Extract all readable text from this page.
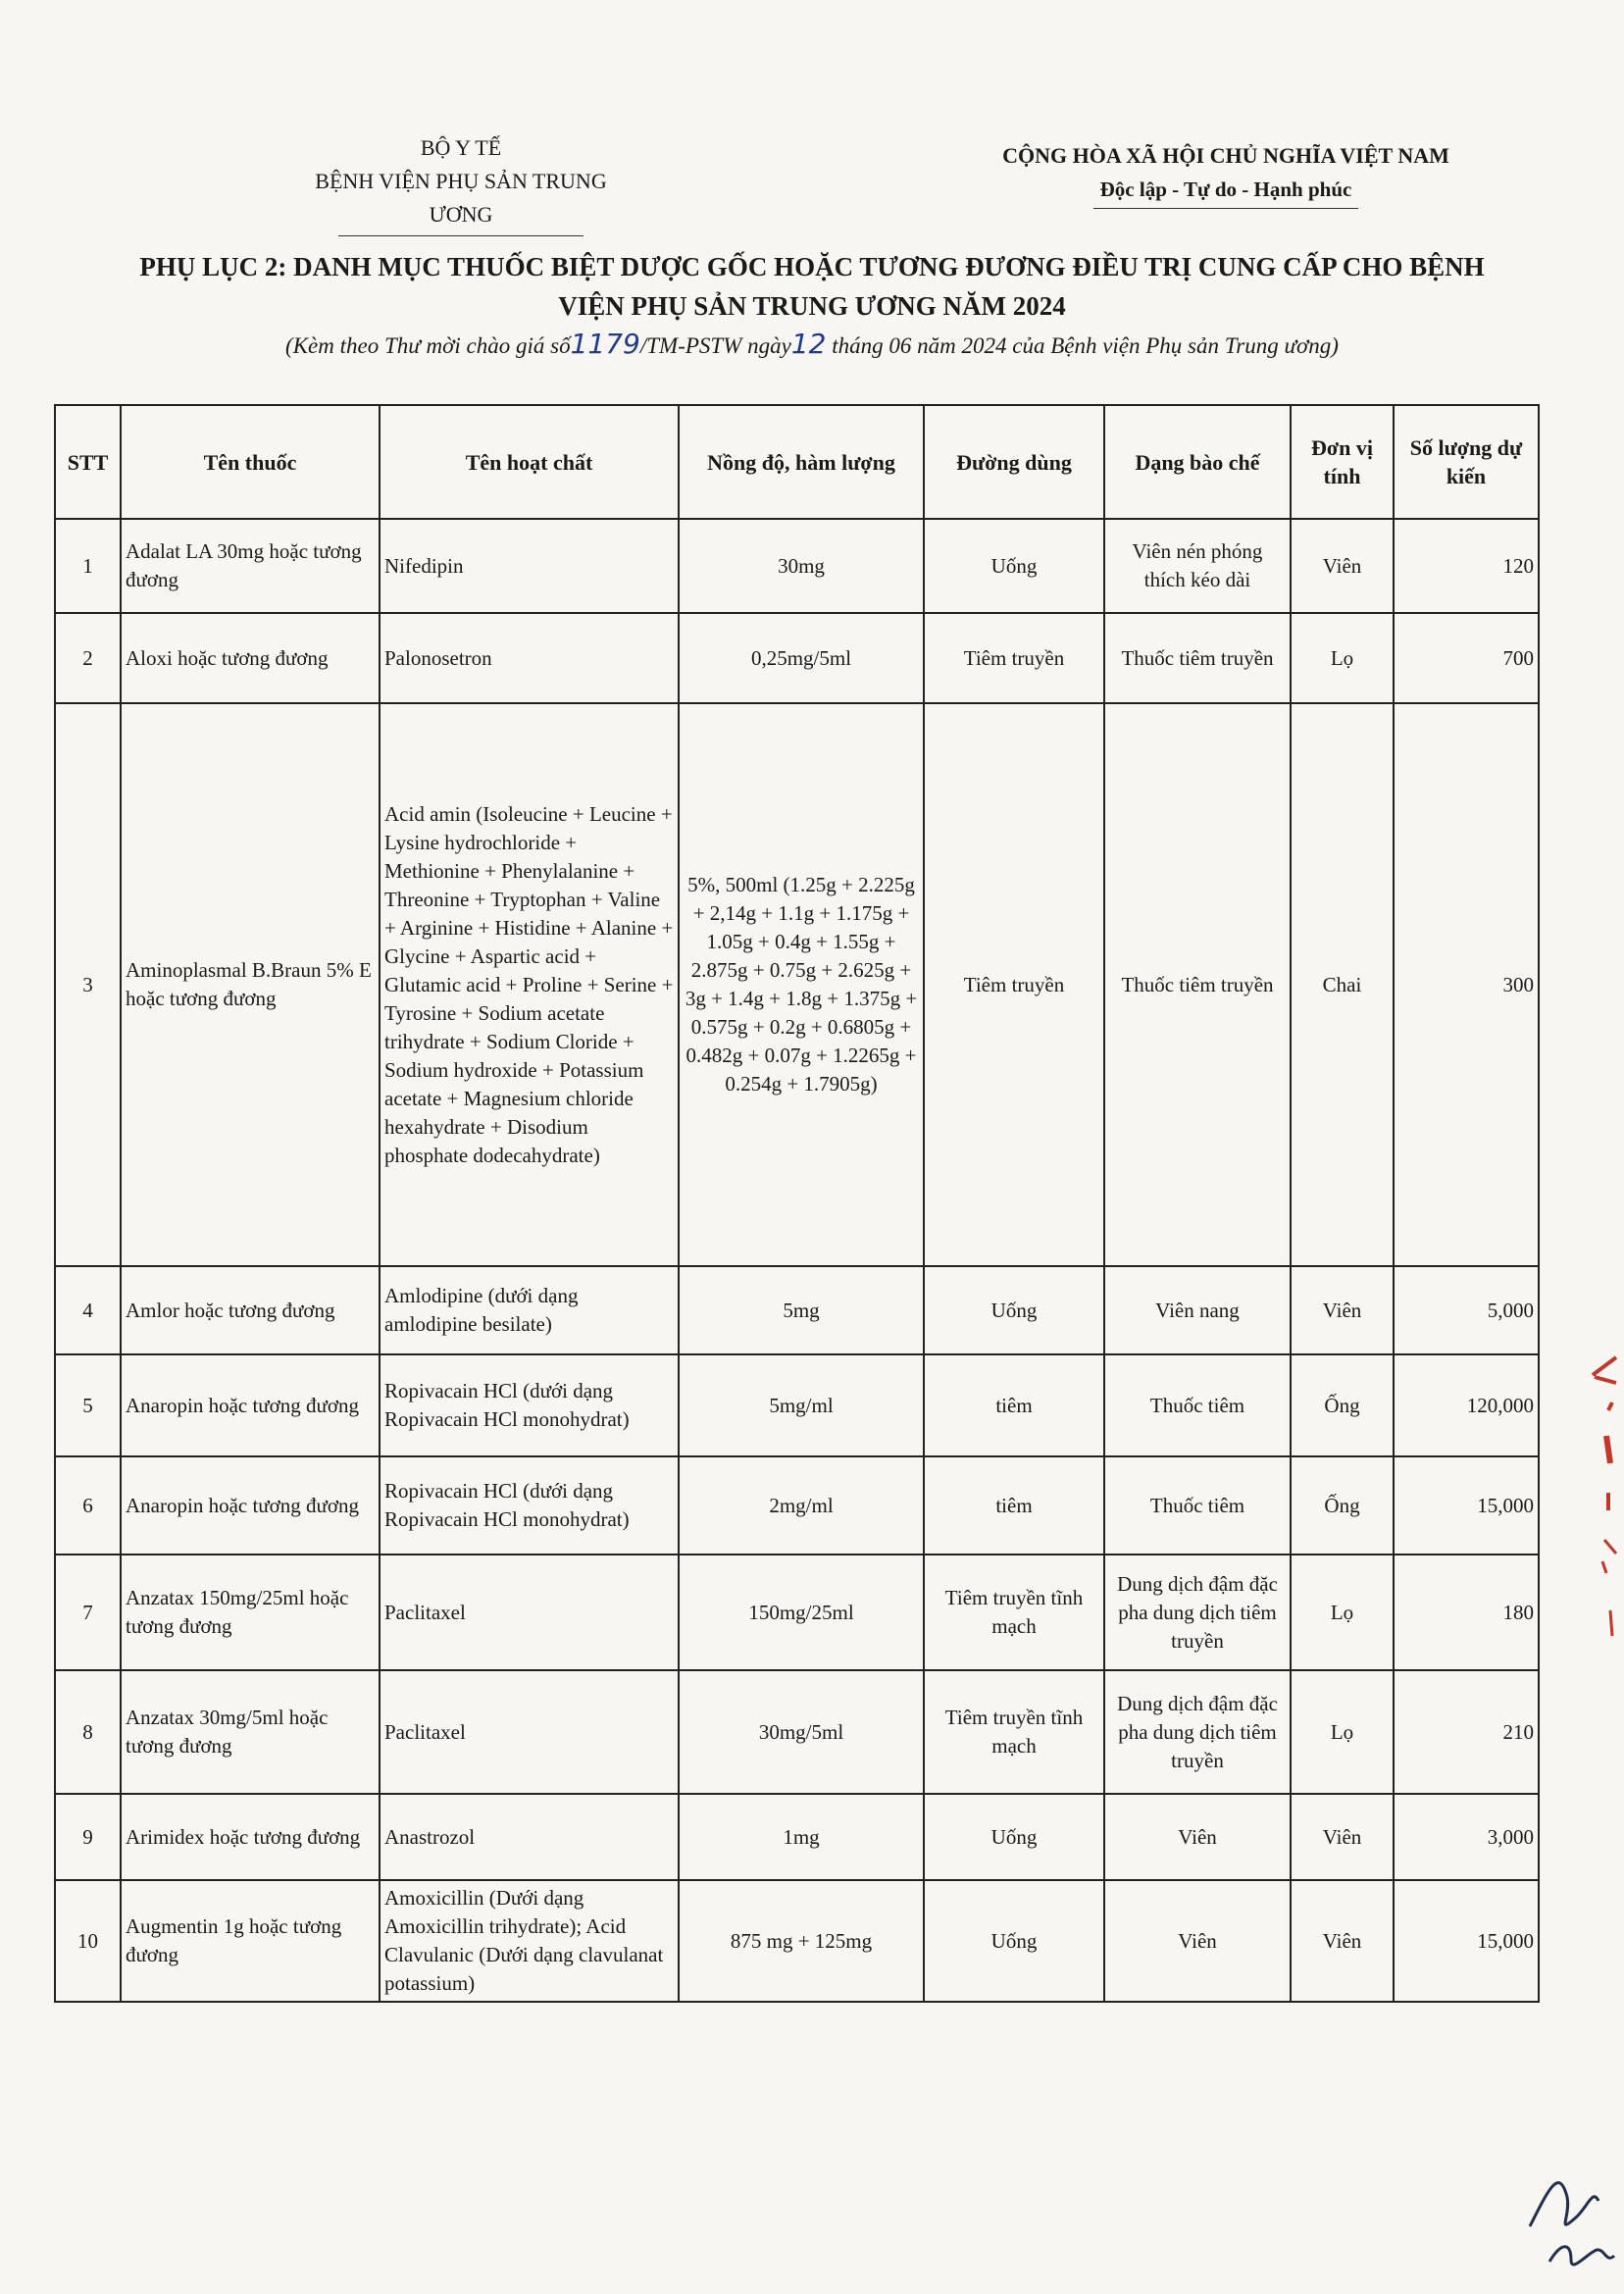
BỘ Y TẾ
BỆNH VIỆN PHỤ SẢN TRUNG ƯƠNG
CỘNG HÒA XÃ HỘI CHỦ NGHĨA VIỆT NAM
Độc lập - Tự do - Hạnh phúc
PHỤ LỤC 2: DANH MỤC THUỐC BIỆT DƯỢC GỐC HOẶC TƯƠNG ĐƯƠNG ĐIỀU TRỊ CUNG CẤP CHO BỆNH
VIỆN PHỤ SẢN TRUNG ƯƠNG NĂM 2024
(Kèm theo Thư mời chào giá số1179/TM-PSTW ngày12 tháng 06 năm 2024 của Bệnh viện Phụ sản Trung ương)
STT	Tên thuốc	Tên hoạt chất	Nồng độ, hàm lượng	Đường dùng	Dạng bào chế	Đơn vị tính	Số lượng dự kiến
1	Adalat LA 30mg hoặc tương đương	Nifedipin	30mg	Uống	Viên nén phóng thích kéo dài	Viên	120
2	Aloxi hoặc tương đương	Palonosetron	0,25mg/5ml	Tiêm truyền	Thuốc tiêm truyền	Lọ	700
3	Aminoplasmal B.Braun 5% E hoặc tương đương	Acid amin (Isoleucine + Leucine + Lysine hydrochloride + Methionine + Phenylalanine + Threonine + Tryptophan + Valine + Arginine + Histidine + Alanine + Glycine + Aspartic acid + Glutamic acid + Proline + Serine + Tyrosine + Sodium acetate trihydrate + Sodium Cloride + Sodium hydroxide + Potassium acetate + Magnesium chloride hexahydrate + Disodium phosphate dodecahydrate)	5%, 500ml (1.25g + 2.225g + 2,14g + 1.1g + 1.175g + 1.05g + 0.4g + 1.55g + 2.875g + 0.75g + 2.625g + 3g + 1.4g + 1.8g + 1.375g + 0.575g + 0.2g + 0.6805g + 0.482g + 0.07g + 1.2265g + 0.254g + 1.7905g)	Tiêm truyền	Thuốc tiêm truyền	Chai	300
4	Amlor hoặc tương đương	Amlodipine (dưới dạng amlodipine besilate)	5mg	Uống	Viên nang	Viên	5,000
5	Anaropin hoặc tương đương	Ropivacain HCl (dưới dạng Ropivacain HCl monohydrat)	5mg/ml	tiêm	Thuốc tiêm	Ống	120,000
6	Anaropin hoặc tương đương	Ropivacain HCl (dưới dạng Ropivacain HCl monohydrat)	2mg/ml	tiêm	Thuốc tiêm	Ống	15,000
7	Anzatax 150mg/25ml hoặc tương đương	Paclitaxel	150mg/25ml	Tiêm truyền tĩnh mạch	Dung dịch đậm đặc pha dung dịch tiêm truyền	Lọ	180
8	Anzatax 30mg/5ml hoặc tương đương	Paclitaxel	30mg/5ml	Tiêm truyền tĩnh mạch	Dung dịch đậm đặc pha dung dịch tiêm truyền	Lọ	210
9	Arimidex hoặc tương đương	Anastrozol	1mg	Uống	Viên	Viên	3,000
10	Augmentin 1g hoặc tương đương	Amoxicillin (Dưới dạng Amoxicillin trihydrate); Acid Clavulanic (Dưới dạng clavulanat potassium)	875 mg + 125mg	Uống	Viên	Viên	15,000
